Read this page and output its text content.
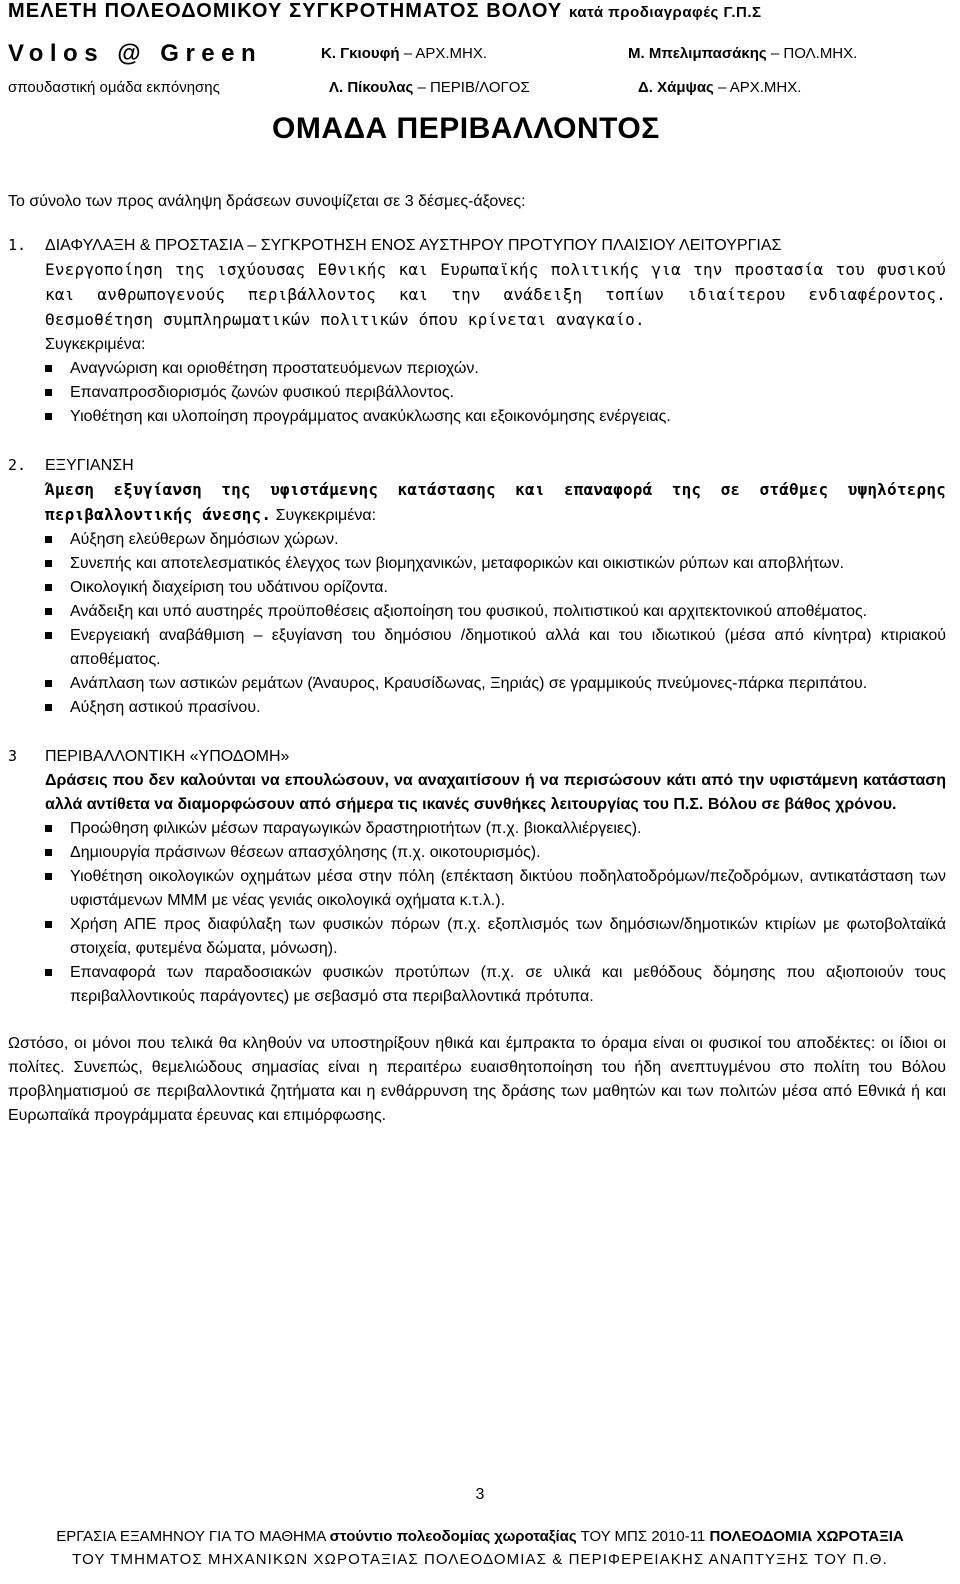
ΜΕΛΕΤΗ ΠΟΛΕΟΔΟΜΙΚΟΥ ΣΥΓΚΡΟΤΗΜΑΤΟΣ ΒΟΛΟΥ κατά προδιαγραφές Γ.Π.Σ
Volos @ Green	Κ. Γκιουφή – ΑΡΧ.ΜΗΧ.	Μ. Μπελιμπασάκης – ΠΟΛ.ΜΗΧ.
σπουδαστική ομάδα εκπόνησης	Λ. Πίκουλας – ΠΕΡΙΒ/ΛΟΓΟΣ	Δ. Χάμψας – ΑΡΧ.ΜΗΧ.
ΟΜΑΔΑ ΠΕΡΙΒΑΛΛΟΝΤΟΣ

Το σύνολο των προς ανάληψη δράσεων συνοψίζεται σε 3 δέσμες-άξονες:

1.	ΔΙΑΦΥΛΑΞΗ & ΠΡΟΣΤΑΣΙΑ – ΣΥΓΚΡΟΤΗΣΗ ΕΝΟΣ ΑΥΣΤΗΡΟΥ ΠΡΟΤΥΠΟΥ ΠΛΑΙΣΙΟΥ ΛΕΙΤΟΥΡΓΙΑΣ
Ενεργοποίηση της ισχύουσας Εθνικής και Ευρωπαϊκής πολιτικής για την προστασία του φυσικού και ανθρωπογενούς περιβάλλοντος και την ανάδειξη τοπίων ιδιαίτερου ενδιαφέροντος. Θεσμοθέτηση συμπληρωματικών πολιτικών όπου κρίνεται αναγκαίο.
Συγκεκριμένα:
Αναγνώριση και οριοθέτηση προστατευόμενων περιοχών.
Επαναπροσδιορισμός ζωνών φυσικού περιβάλλοντος.
Υιοθέτηση και υλοποίηση προγράμματος ανακύκλωσης και εξοικονόμησης ενέργειας.
2.	ΕΞΥΓΙΑΝΣΗ
Άμεση εξυγίανση της υφιστάμενης κατάστασης και επαναφορά της σε στάθμες υψηλότερης περιβαλλοντικής άνεσης. Συγκεκριμένα:
Αύξηση ελεύθερων δημόσιων χώρων.
Συνεπής και αποτελεσματικός έλεγχος των βιομηχανικών, μεταφορικών και οικιστικών ρύπων και αποβλήτων.
Οικολογική διαχείριση του υδάτινου ορίζοντα.
Ανάδειξη και υπό αυστηρές προϋποθέσεις αξιοποίηση του φυσικού, πολιτιστικού και αρχιτεκτονικού αποθέματος.
Ενεργειακή αναβάθμιση – εξυγίανση του δημόσιου /δημοτικού αλλά και του ιδιωτικού (μέσα από κίνητρα) κτιριακού αποθέματος.
Ανάπλαση των αστικών ρεμάτων (Άναυρος, Κραυσίδωνας, Ξηριάς) σε γραμμικούς πνεύμονες-πάρκα περιπάτου.
Αύξηση αστικού πρασίνου.
3	ΠΕΡΙΒΑΛΛΟΝΤΙΚΗ «ΥΠΟΔΟΜΗ»
Δράσεις που δεν καλούνται να επουλώσουν, να αναχαιτίσουν ή να περισώσουν κάτι από την υφιστάμενη κατάσταση αλλά αντίθετα να διαμορφώσουν από σήμερα τις ικανές συνθήκες λειτουργίας του Π.Σ. Βόλου σε βάθος χρόνου.
Προώθηση φιλικών μέσων παραγωγικών δραστηριοτήτων (π.χ. βιοκαλλιέργειες).
Δημιουργία πράσινων θέσεων απασχόλησης (π.χ. οικοτουρισμός).
Υιοθέτηση οικολογικών οχημάτων μέσα στην πόλη (επέκταση δικτύου ποδηλατοδρόμων/πεζοδρόμων, αντικατάσταση των υφιστάμενων ΜΜΜ με νέας γενιάς οικολογικά οχήματα κ.τ.λ.).
Χρήση ΑΠΕ προς διαφύλαξη των φυσικών πόρων (π.χ. εξοπλισμός των δημόσιων/δημοτικών κτιρίων με φωτοβολταϊκά στοιχεία, φυτεμένα δώματα, μόνωση).
Επαναφορά των παραδοσιακών φυσικών προτύπων (π.χ. σε υλικά και μεθόδους δόμησης που αξιοποιούν τους περιβαλλοντικούς παράγοντες) με σεβασμό στα περιβαλλοντικά πρότυπα.

Ωστόσο, οι μόνοι που τελικά θα κληθούν να υποστηρίξουν ηθικά και έμπρακτα το όραμα είναι οι φυσικοί του αποδέκτες: οι ίδιοι οι πολίτες. Συνεπώς, θεμελιώδους σημασίας είναι η περαιτέρω ευαισθητοποίηση του ήδη ανεπτυγμένου στο πολίτη του Βόλου προβληματισμού σε περιβαλλοντικά ζητήματα και η ενθάρρυνση της δράσης των μαθητών και των πολιτών μέσα από Εθνικά ή και Ευρωπαϊκά προγράμματα έρευνας και επιμόρφωσης.

3
ΕΡΓΑΣΙΑ ΕΞΑΜΗΝΟΥ ΓΙΑ ΤΟ ΜΑΘΗΜΑ στούντιο πολεοδομίας χωροταξίας ΤΟΥ ΜΠΣ 2010-11 ΠΟΛΕΟΔΟΜΙΑ ΧΩΡΟΤΑΞΙΑ
ΤΟΥ ΤΜΗΜΑΤΟΣ ΜΗΧΑΝΙΚΩΝ ΧΩΡΟΤΑΞΙΑΣ ΠΟΛΕΟΔΟΜΙΑΣ & ΠΕΡΙΦΕΡΕΙΑΚΗΣ ΑΝΑΠΤΥΞΗΣ ΤΟΥ Π.Θ.
